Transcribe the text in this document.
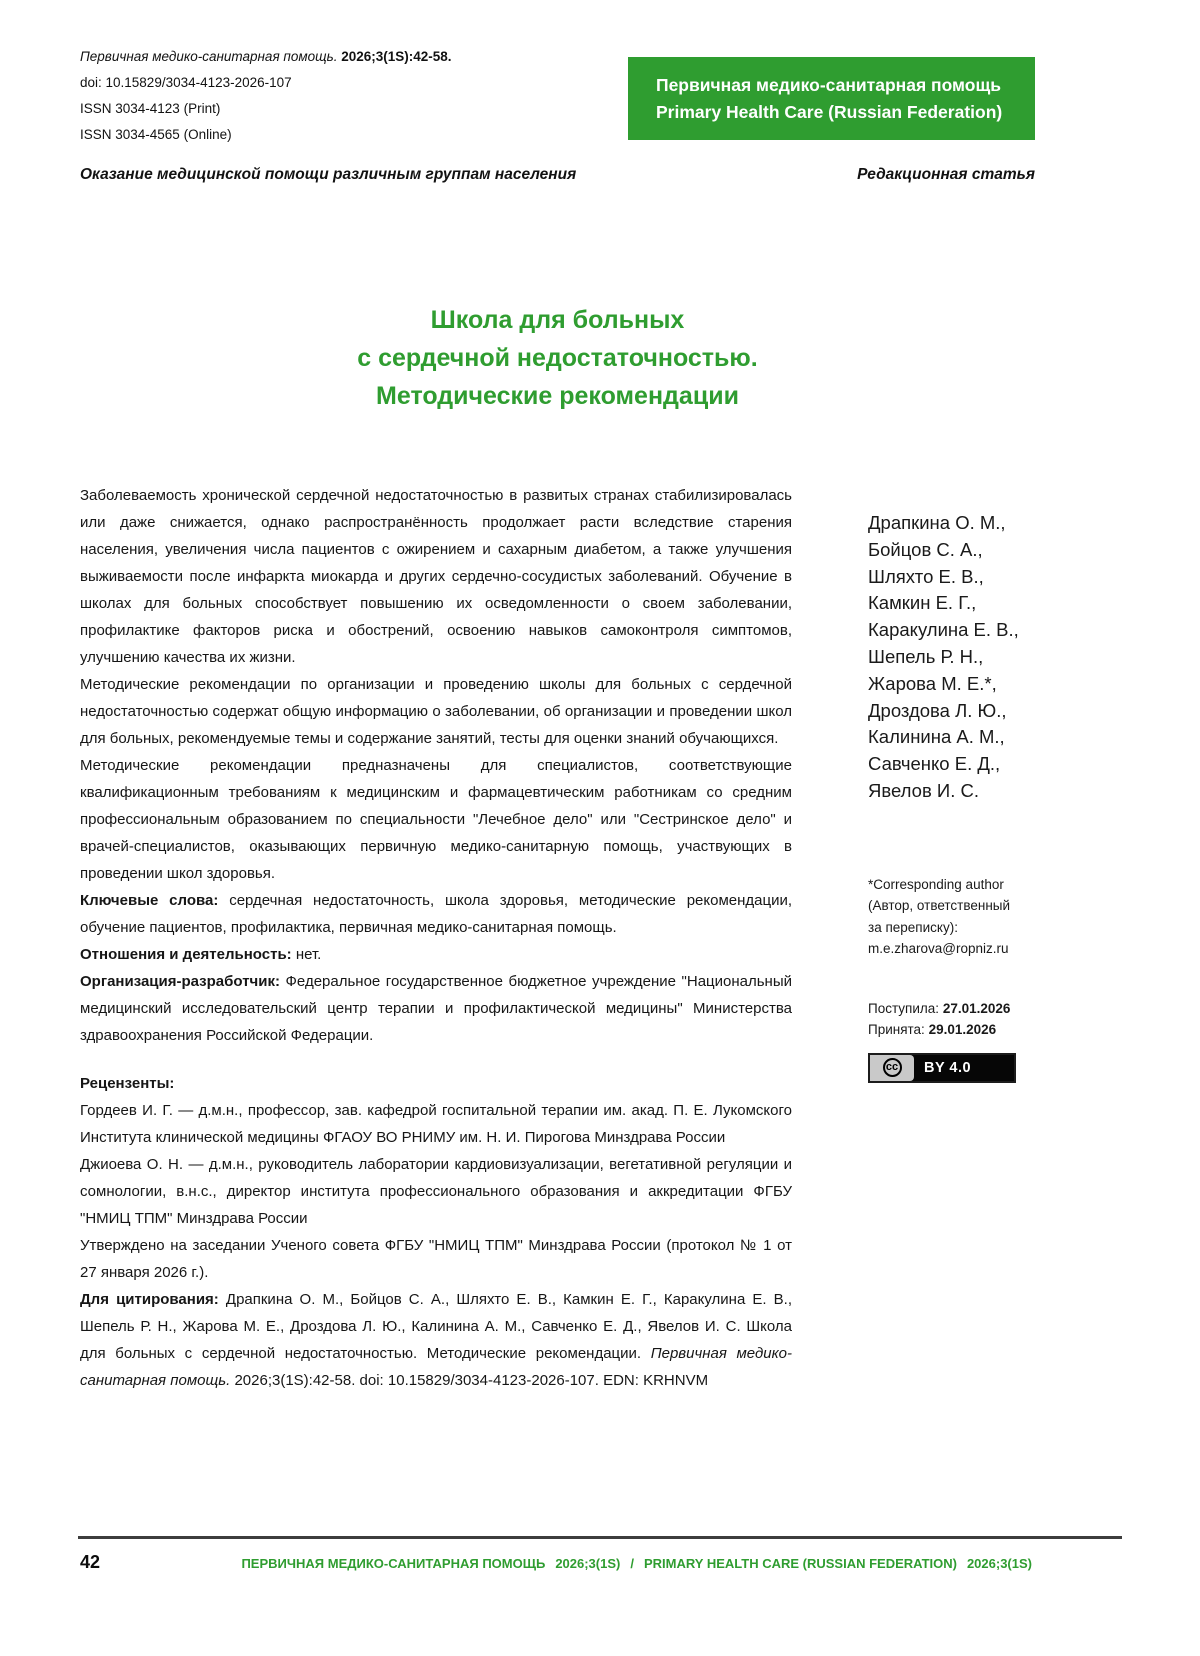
Первичная медико-санитарная помощь. 2026;3(1S):42-58.
doi: 10.15829/3034-4123-2026-107
ISSN 3034-4123 (Print)
ISSN 3034-4565 (Online)
Первичная медико-санитарная помощь
Primary Health Care (Russian Federation)
Оказание медицинской помощи различным группам населения	Редакционная статья
Школа для больных
с сердечной недостаточностью.
Методические рекомендации

Заболеваемость хронической сердечной недостаточностью в развитых странах стабилизировалась или даже снижается, однако распространённость продолжает расти вследствие старения населения, увеличения числа пациентов с ожирением и сахарным диабетом, а также улучшения выживаемости после инфаркта миокарда и других сердечно-сосудистых заболеваний. Обучение в школах для больных способствует повышению их осведомленности о своем заболевании, профилактике факторов риска и обострений, освоению навыков самоконтроля симптомов, улучшению качества их жизни.

Методические рекомендации по организации и проведению школы для больных с сердечной недостаточностью содержат общую информацию о заболевании, об организации и проведении школ для больных, рекомендуемые темы и содержание занятий, тесты для оценки знаний обучающихся.

Методические рекомендации предназначены для специалистов, соответствующие квалификационным требованиям к медицинским и фармацевтическим работникам со средним профессиональным образованием по специальности "Лечебное дело" или "Сестринское дело" и врачей-специалистов, оказывающих первичную медико-санитарную помощь, участвующих в проведении школ здоровья.

Ключевые слова: сердечная недостаточность, школа здоровья, методические рекомендации, обучение пациентов, профилактика, первичная медико-санитарная помощь.

Отношения и деятельность: нет.

Организация-разработчик: Федеральное государственное бюджетное учреждение "Национальный медицинский исследовательский центр терапии и профилактической медицины" Министерства здравоохранения Российской Федерации.

Рецензенты:

Гордеев И. Г. — д.м.н., профессор, зав. кафедрой госпитальной терапии им. акад. П. Е. Лукомского Института клинической медицины ФГАОУ ВО РНИМУ им. Н. И. Пирогова Минздрава России

Джиоева О. Н. — д.м.н., руководитель лаборатории кардиовизуализации, вегетативной регуляции и сомнологии, в.н.с., директор института профессионального образования и аккредитации ФГБУ "НМИЦ ТПМ" Минздрава России

Утверждено на заседании Ученого совета ФГБУ "НМИЦ ТПМ" Минздрава России (протокол № 1 от 27 января 2026 г.).

Для цитирования: Драпкина О. М., Бойцов С. А., Шляхто Е. В., Камкин Е. Г., Каракулина Е. В., Шепель Р. Н., Жарова М. Е., Дроздова Л. Ю., Калинина А. М., Савченко Е. Д., Явелов И. С. Школа для больных с сердечной недостаточностью. Методические рекомендации. Первичная медико-санитарная помощь. 2026;3(1S):42-58. doi: 10.15829/3034-4123-2026-107. EDN: KRHNVM

Драпкина О. М.,
Бойцов С. А.,
Шляхто Е. В.,
Камкин Е. Г.,
Каракулина Е. В.,
Шепель Р. Н.,
Жарова М. Е.*,
Дроздова Л. Ю.,
Калинина А. М.,
Савченко Е. Д.,
Явелов И. С.
*Corresponding author
(Автор, ответственный
за переписку):
m.e.zharova@ropniz.ru
Поступила: 27.01.2026
Принята: 29.01.2026
cc	BY 4.0
42	ПЕРВИЧНАЯ МЕДИКО-САНИТАРНАЯ ПОМОЩЬ 2026;3(1S) / PRIMARY HEALTH CARE (RUSSIAN FEDERATION) 2026;3(1S)
